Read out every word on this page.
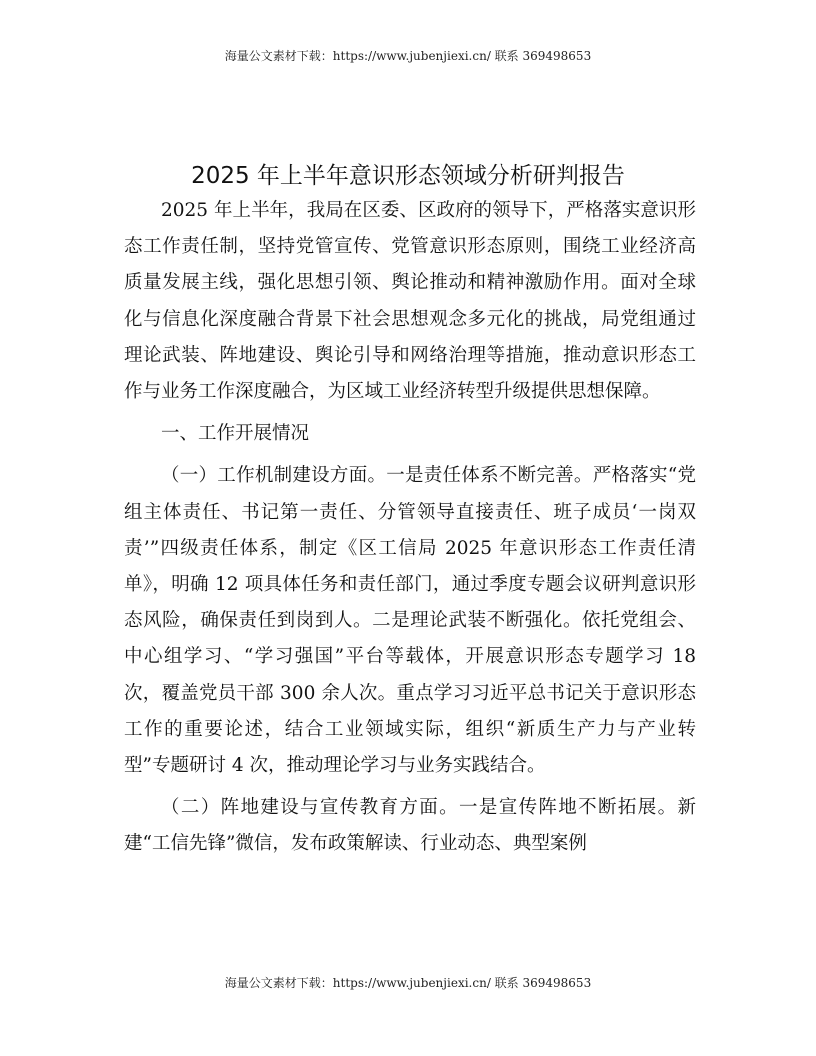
海量公文素材下载：https://www.jubenjiexi.cn/ 联系 369498653
2025 年上半年意识形态领域分析研判报告

2025 年上半年，我局在区委、区政府的领导下，严格落实意识形态工作责任制，坚持党管宣传、党管意识形态原则，围绕工业经济高质量发展主线，强化思想引领、舆论推动和精神激励作用。面对全球化与信息化深度融合背景下社会思想观念多元化的挑战，局党组通过理论武装、阵地建设、舆论引导和网络治理等措施，推动意识形态工作与业务工作深度融合，为区域工业经济转型升级提供思想保障。

一、工作开展情况

（一）工作机制建设方面。一是责任体系不断完善。严格落实“党组主体责任、书记第一责任、分管领导直接责任、班子成员‘一岗双责’”四级责任体系，制定《区工信局 2025 年意识形态工作责任清单》，明确 12 项具体任务和责任部门，通过季度专题会议研判意识形态风险，确保责任到岗到人。二是理论武装不断强化。依托党组会、中心组学习、“学习强国”平台等载体，开展意识形态专题学习 18 次，覆盖党员干部 300 余人次。重点学习习近平总书记关于意识形态工作的重要论述，结合工业领域实际，组织“新质生产力与产业转型”专题研讨 4 次，推动理论学习与业务实践结合。

（二）阵地建设与宣传教育方面。一是宣传阵地不断拓展。新建“工信先锋”微信，发布政策解读、行业动态、典型案例

海量公文素材下载：https://www.jubenjiexi.cn/ 联系 369498653
